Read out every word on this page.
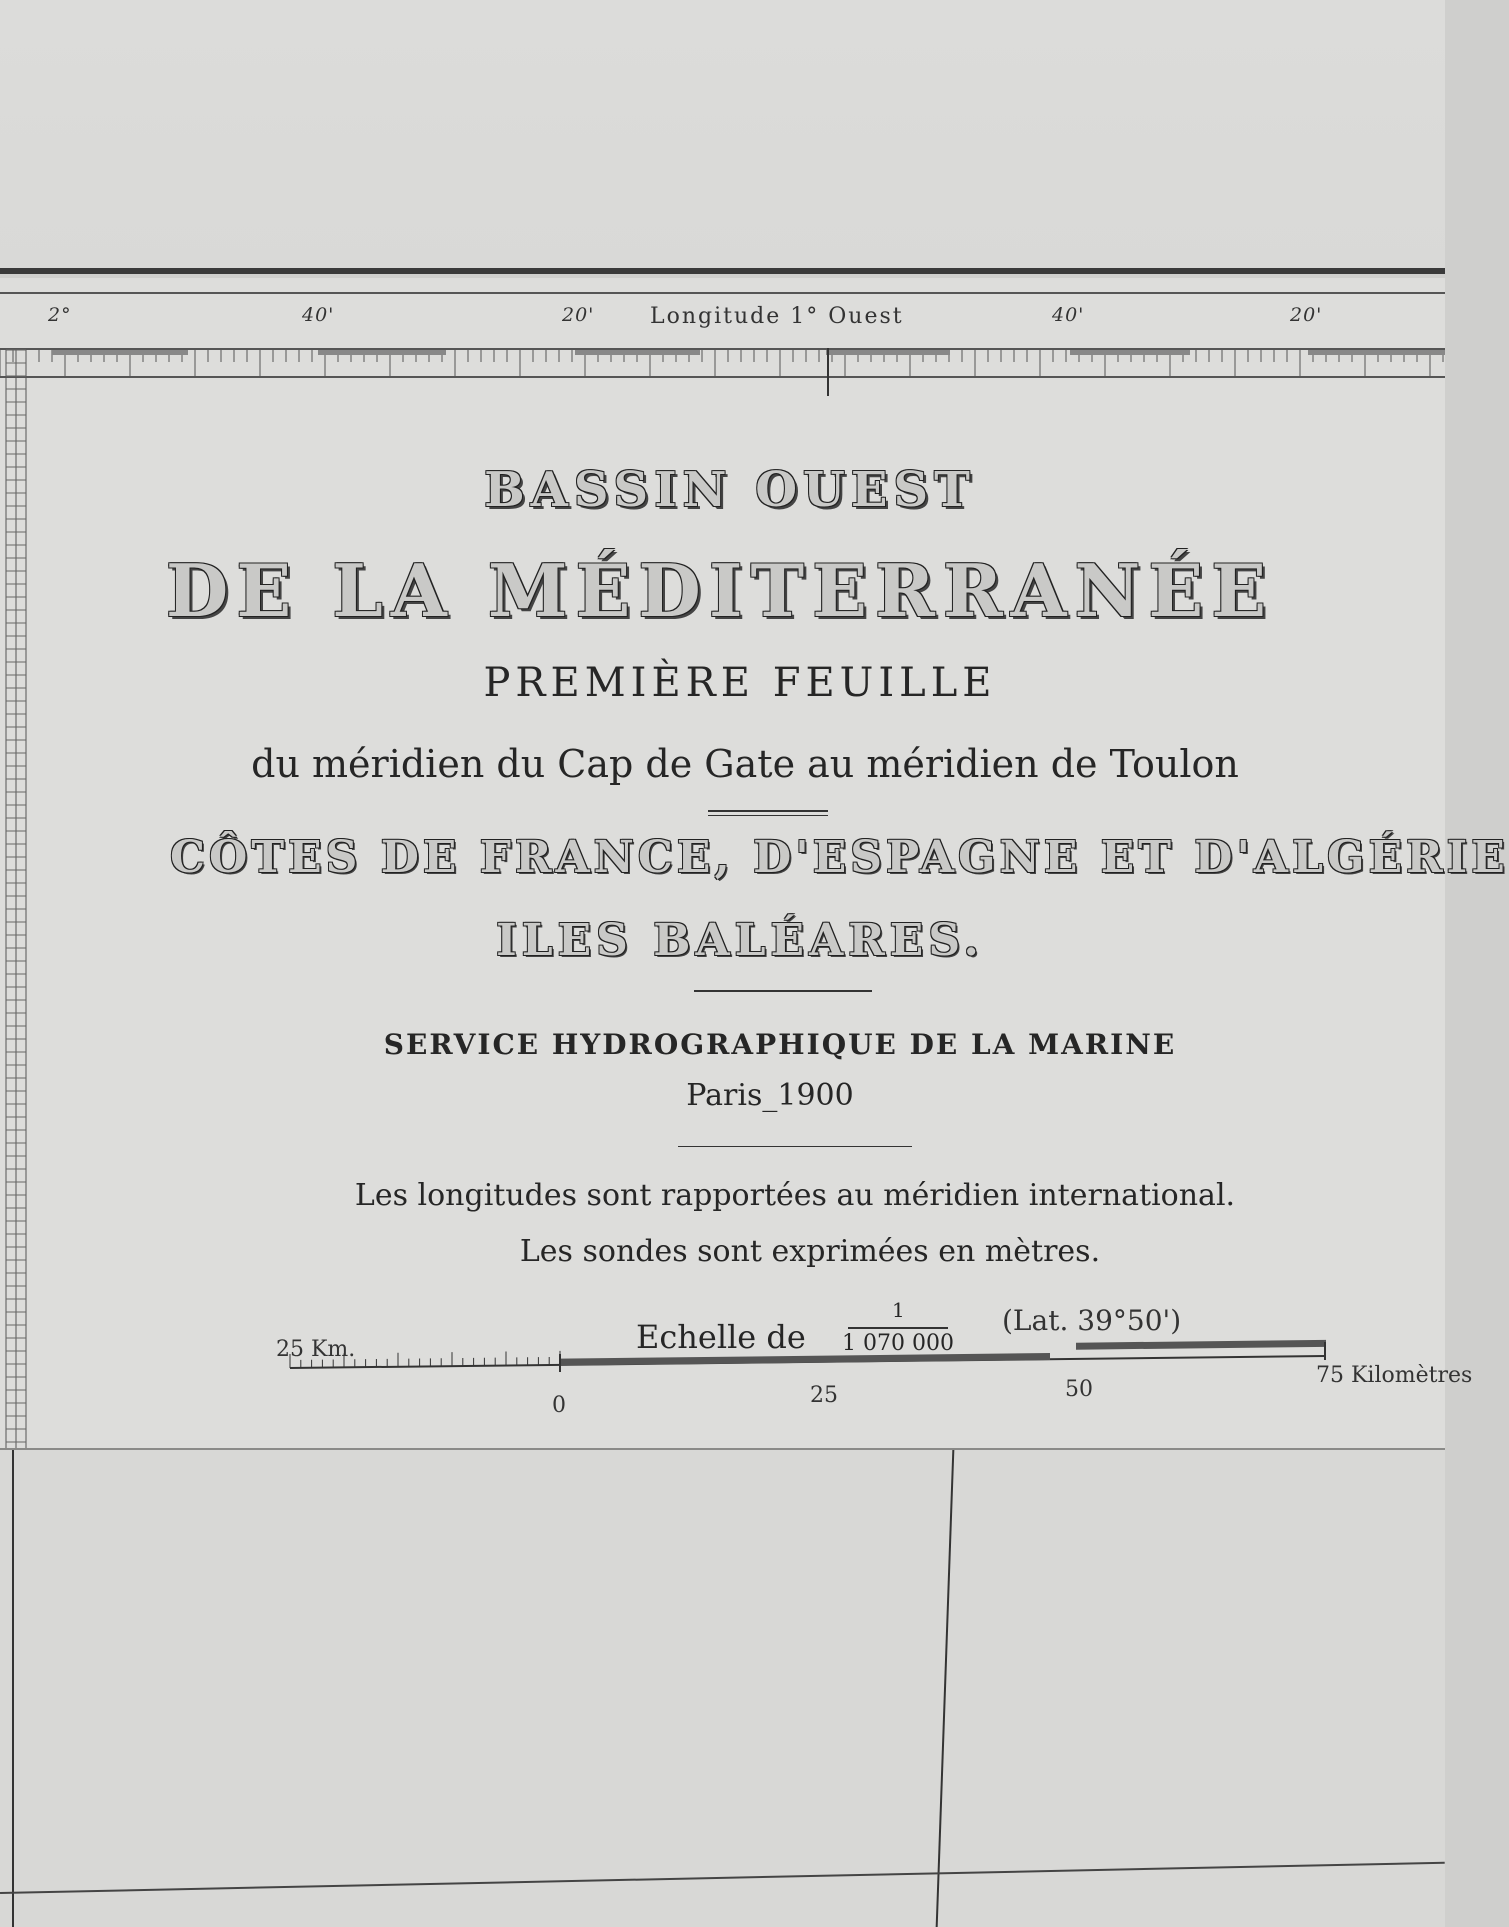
2°	40'	20'	40'	20'
Longitude 1° Ouest
BASSIN OUEST
DE LA MÉDITERRANÉE
PREMIÈRE FEUILLE
du méridien du Cap de Gate au méridien de Toulon
CÔTES DE FRANCE, D'ESPAGNE ET D'ALGÉRIE
ILES BALÉARES.
SERVICE HYDROGRAPHIQUE DE LA MARINE
Paris_1900
Les longitudes sont rapportées au méridien international.
Les sondes sont exprimées en mètres.
Echelle de
1
1 070 000
(Lat. 39°50')
25 Km.
0	25	50
75 Kilomètres
